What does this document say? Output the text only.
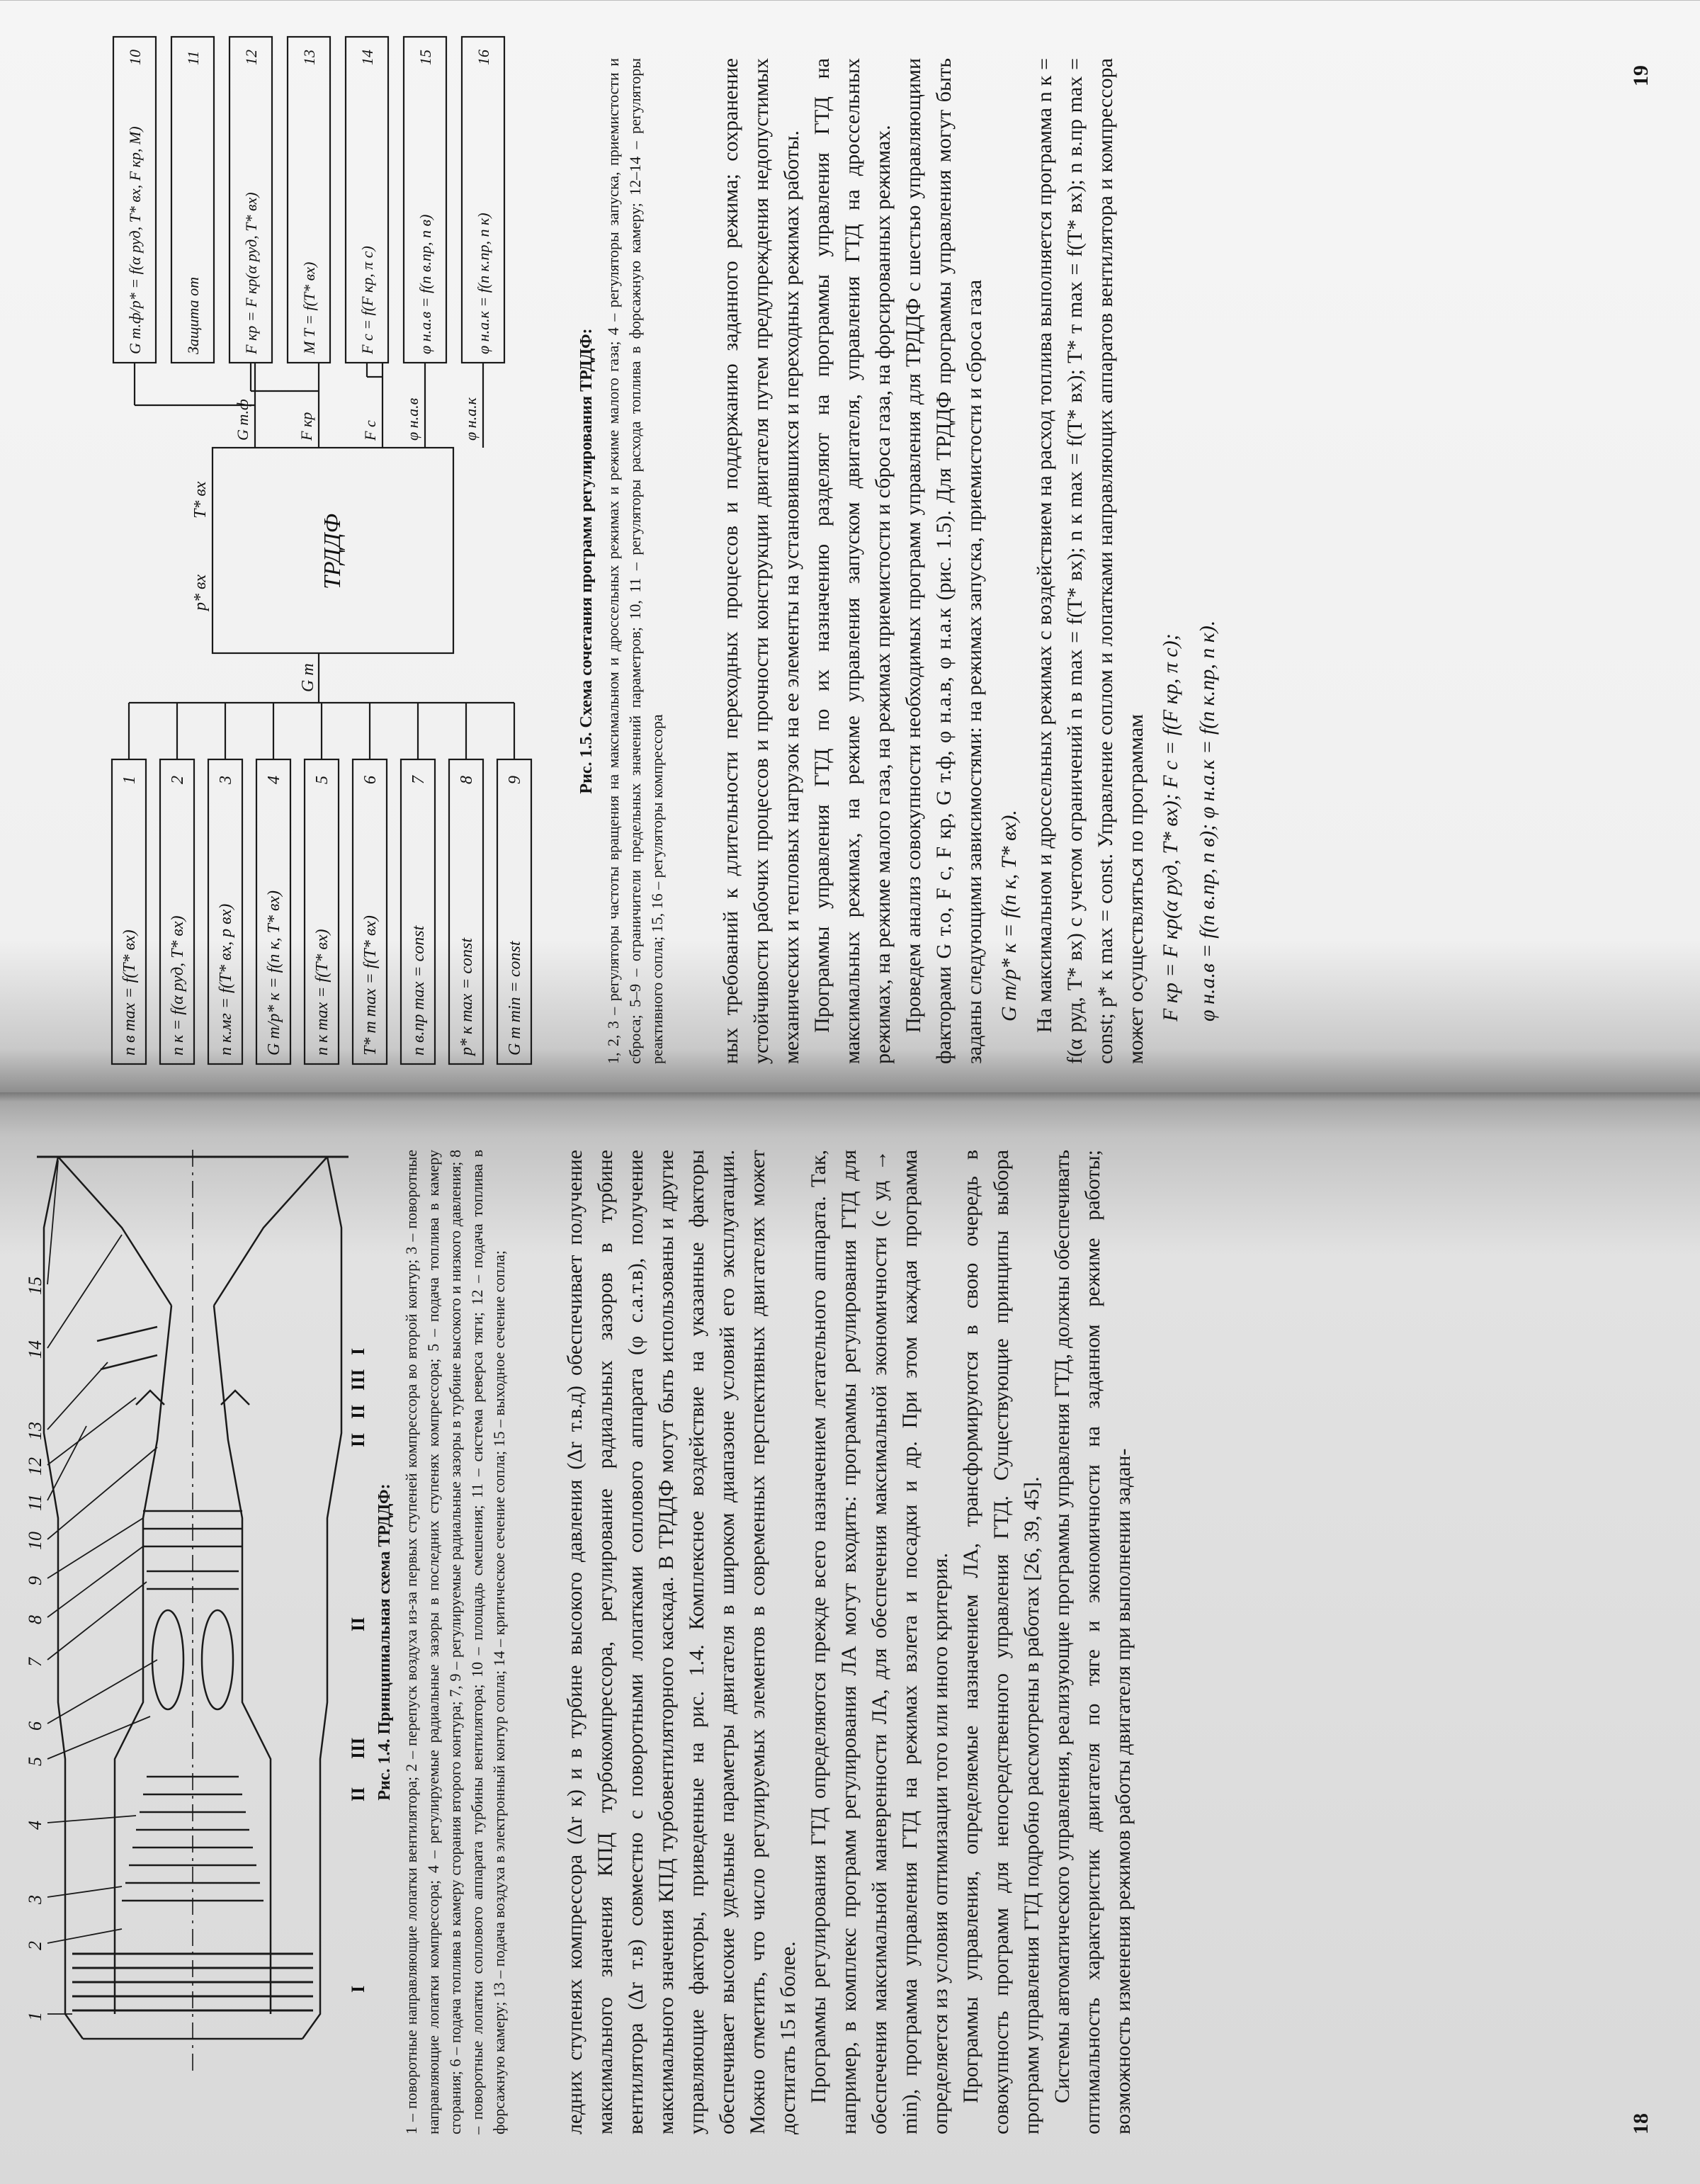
1
2
3
4
5
6
7
8
9
10
11
12
13
14
15
I
II
III
II
II
II
III
I

Рис. 1.4. Принципиальная схема ТРДДФ: 1 – поворотные направляющие лопатки вентилятора; 2 – перепуск воздуха из-за первых ступеней компрессора во второй контур; 3 – поворотные направляющие лопатки компрессора; 4 – регулируемые радиальные зазоры в последних ступенях компрессора; 5 – подача топлива в камеру сгорания; 6 – подача топлива в камеру сгорания второго контура; 7, 9 – регулируемые радиальные зазоры в турбине высокого и низкого давления; 8 – поворотные лопатки соплового аппарата турбины вентилятора; 10 – площадь смешения; 11 – система реверса тяги; 12 – подача топлива в форсажную камеру; 13 – подача воздуха в электронный контур сопла; 14 – критическое сечение сопла; 15 – выходное сечение сопла;	ледних ступенях компрессора (Δr к) и в турбине высокого давления (Δr т.в.д) обеспечивает получение максимального значения КПД турбокомпрессора, регулирование радиальных зазоров в турбине вентилятора (Δr т.в) совместно с поворотными лопатками соплового аппарата (φ с.а.т.в), получение максимального значения КПД турбовентиляторного каскада. В ТРДДФ могут быть использованы и другие управляющие факторы, приведенные на рис. 1.4. Комплексное воздействие на указанные факторы обеспечивает высокие удельные параметры двигателя в широком диапазоне условий его эксплуатации. Можно отметить, что число регулируемых элементов в современных перспективных двигателях может достигать 15 и более. Программы регулирования ГТД определяются прежде всего назначением летательного аппарата. Так, например, в комплекс программ регулирования ЛА могут входить: программы регулирования ГТД для обеспечения максимальной маневренности ЛА, для обеспечения максимальной экономичности (c уд → min), программа управления ГТД на режимах взлета и посадки и др. При этом каждая программа определяется из условия оптимизации того или иного критерия. Программы управления, определяемые назначением ЛА, трансформируются в свою очередь в совокупность программ для непосредственного управления ГТД. Существующие принципы выбора программ управления ГТД подробно рассмотрены в работах [26, 39, 45]. Системы автоматического управления, реализующие программы управления ГТД, должны обеспечивать оптимальность характеристик двигателя по тяге и экономичности на заданном режиме работы; возможность изменения режимов работы двигателя при выполнении задан-	18
n в max = f(T* вх)
1
n к = f(α руд, T* вх)
2
n к.мг = f(T* вх, p вх)
3
G т/p* к = f(n к, T* вх)
4
n к max = f(T* вх)
5
T* т max = f(T* вх)
6
n в.пр max = const
7
p* к max = const
8
G т min = const
9
ТРДДФ
G т
p* вх
T* вх
G т.ф	F кр	F c φ н.а.в	φ н.а.к
G т.ф/p* = f(α руд, T* вх, F кр, M)
10
Защита от
11
F кр = F кр(α руд, T* вх)
12
M T = f(T* вх)
13
F c = f(F кр, π c)
14
φ н.а.в = f(n в.пр, n в)
15
φ н.а.к = f(n к.пр, n к)
16

Рис. 1.5. Схема сочетания программ регулирования ТРДДФ: 1, 2, 3 – регуляторы частоты вращения на максимальном и дроссельных режимах и режиме малого газа; 4 – регуляторы запуска, приемистости и сброса; 5–9 – ограничители предельных значений параметров; 10, 11 – регуляторы расхода топлива в форсажную камеру; 12–14 – регуляторы реактивного сопла; 15, 16 – регуляторы компрессора	ных требований к длительности переходных процессов и поддержанию заданного режима; сохранение устойчивости рабочих процессов и прочности конструкции двигателя путем предупреждения недопустимых механических и тепловых нагрузок на ее элементы на установившихся и переходных режимах работы. Программы управления ГТД по их назначению разделяют на программы управления ГТД на максимальных режимах, на режиме управления запуском двигателя, управления ГТД на дроссельных режимах, на режиме малого газа, на режимах приемистости и сброса газа, на форсированных режимах. Проведем анализ совокупности необходимых программ управления для ТРДДФ с шестью управляющими факторами G т.о, F c, F кр, G т.ф, φ н.а.в, φ н.а.к (рис. 1.5). Для ТРДДФ программы управления могут быть заданы следующими зависимостями: на режимах запуска, приемистости и сброса газа G т/p* к = f(n к, T* вх). На максимальном и дроссельных режимах с воздействием на расход топлива выполняется программа n к = f(α руд, T* вх) с учетом ограничений n в max = f(T* вх); n к max = f(T* вх); T* т max = f(T* вх); n в.пр max = const; p* к max = const. Управление соплом и лопатками направляющих аппаратов вентилятора и компрессора может осуществляться по программам F кр = F кр(α руд, T* вх); F c = f(F кр, π c); φ н.а.в = f(n в.пр, n в); φ н.а.к = f(n к.пр, n к).
19
